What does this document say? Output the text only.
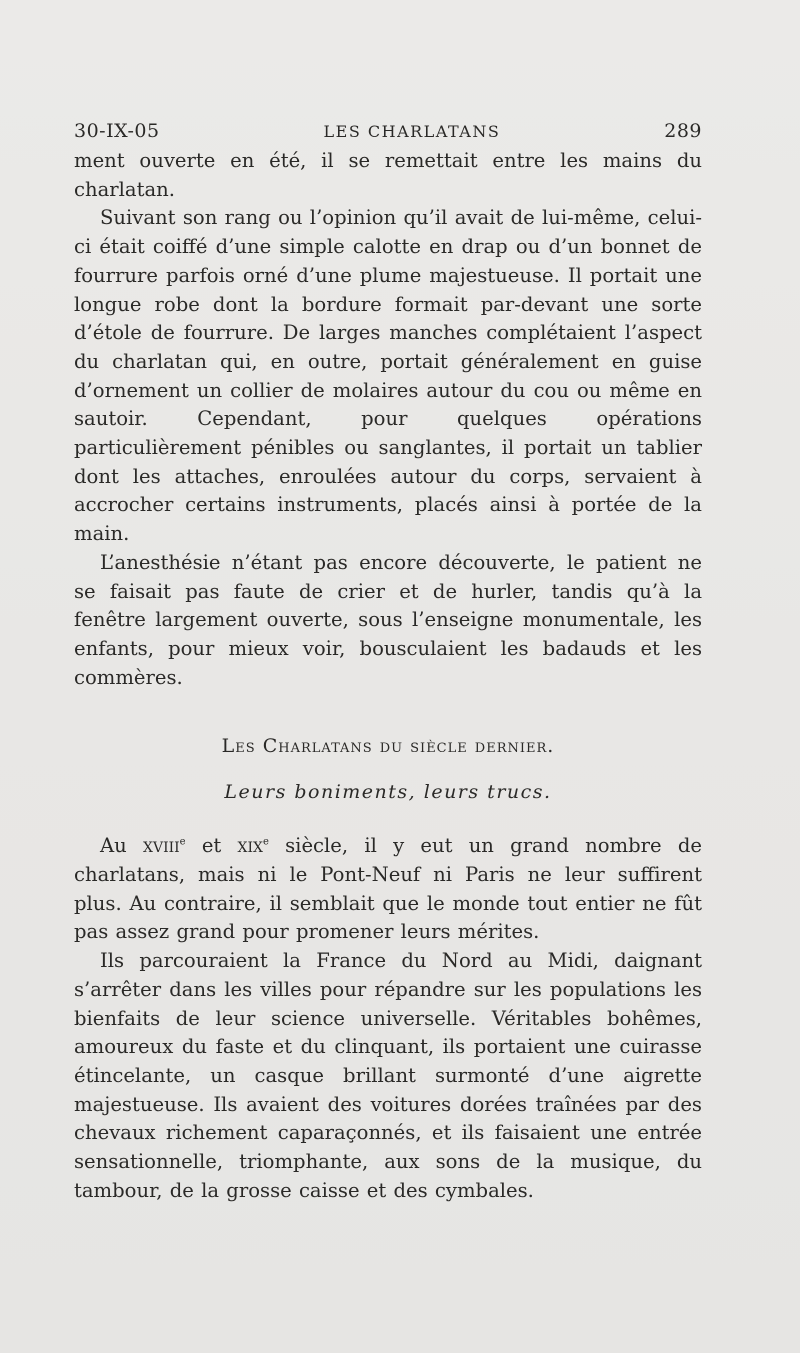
30-IX-05	LES CHARLATANS	289

ment ouverte en été, il se remettait entre les mains du charlatan.

Suivant son rang ou l’opinion qu’il avait de lui-même, celui-ci était coiffé d’une simple calotte en drap ou d’un bonnet de fourrure parfois orné d’une plume majestueuse. Il portait une longue robe dont la bordure formait par-devant une sorte d’étole de fourrure. De larges manches complétaient l’aspect du charlatan qui, en outre, portait généralement en guise d’ornement un collier de molaires autour du cou ou même en sautoir. Cependant, pour quelques opérations particulièrement pénibles ou sanglantes, il portait un tablier dont les attaches, enroulées autour du corps, servaient à accrocher certains instruments, placés ainsi à portée de la main.

L’anesthésie n’étant pas encore découverte, le patient ne se faisait pas faute de crier et de hurler, tandis qu’à la fenêtre largement ouverte, sous l’enseigne monumentale, les enfants, pour mieux voir, bousculaient les badauds et les commères.

Les Charlatans du siècle dernier.
Leurs boniments, leurs trucs.

Au xviii$^e$ et xix$^e$ siècle, il y eut un grand nombre de charlatans, mais ni le Pont-Neuf ni Paris ne leur suffirent plus. Au contraire, il semblait que le monde tout entier ne fût pas assez grand pour promener leurs mérites.

Ils parcouraient la France du Nord au Midi, daignant s’arrêter dans les villes pour répandre sur les populations les bienfaits de leur science universelle. Véritables bohêmes, amoureux du faste et du clinquant, ils portaient une cuirasse étincelante, un casque brillant surmonté d’une aigrette majestueuse. Ils avaient des voitures dorées traînées par des chevaux richement caparaçonnés, et ils faisaient une entrée sensationnelle, triomphante, aux sons de la musique, du tambour, de la grosse caisse et des cymbales.
